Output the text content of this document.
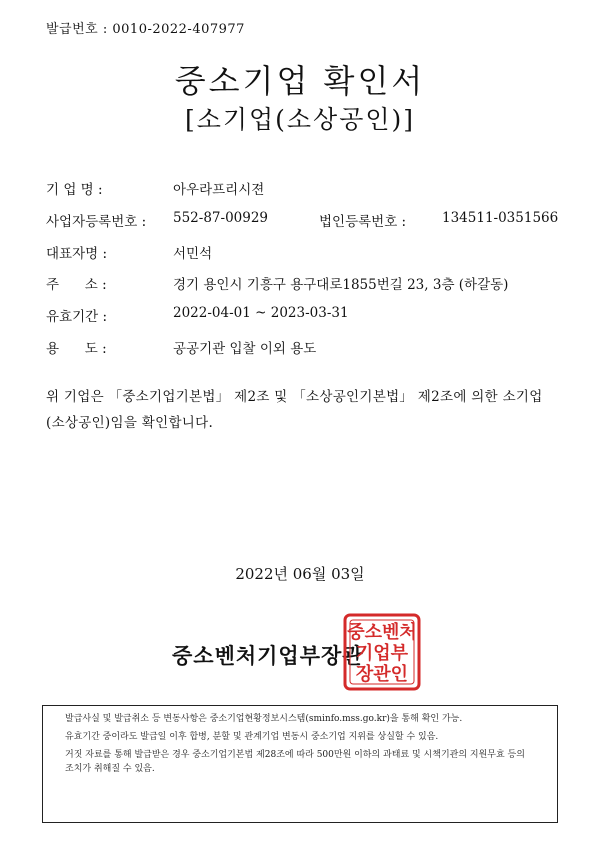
발급번호 : 0010-2022-407977
중소기업 확인서
[소기업(소상공인)]
기 업 명 :	아우라프리시젼
사업자등록번호 : 552-87-00929	법인등록번호 :	134511-0351566
대표자명 :	서민석
주      소 :	경기 용인시 기흥구 용구대로1855번길 23, 3층 (하갈동)
유효기간 :	2022-04-01 ~ 2023-03-31
용      도 :	공공기관 입찰 이외 용도
위 기업은 「중소기업기본법」 제2조 및 「소상공인기본법」 제2조에 의한 소기업(소상공인)임을 확인합니다.
2022년 06월 03일
중소벤처기업부장관
중소벤처
기업부
장관인

발급사실 및 발급취소 등 변동사항은 중소기업현황정보시스템(sminfo.mss.go.kr)을 통해 확인 가능.

유효기간 중이라도 발급일 이후 합병, 분할 및 관계기업 변동시 중소기업 지위를 상실할 수 있음.

거짓 자료를 통해 발급받은 경우 중소기업기본법 제28조에 따라 500만원 이하의 과태료 및 시책기관의 지원무효 등의 조치가 취해질 수 있음.
